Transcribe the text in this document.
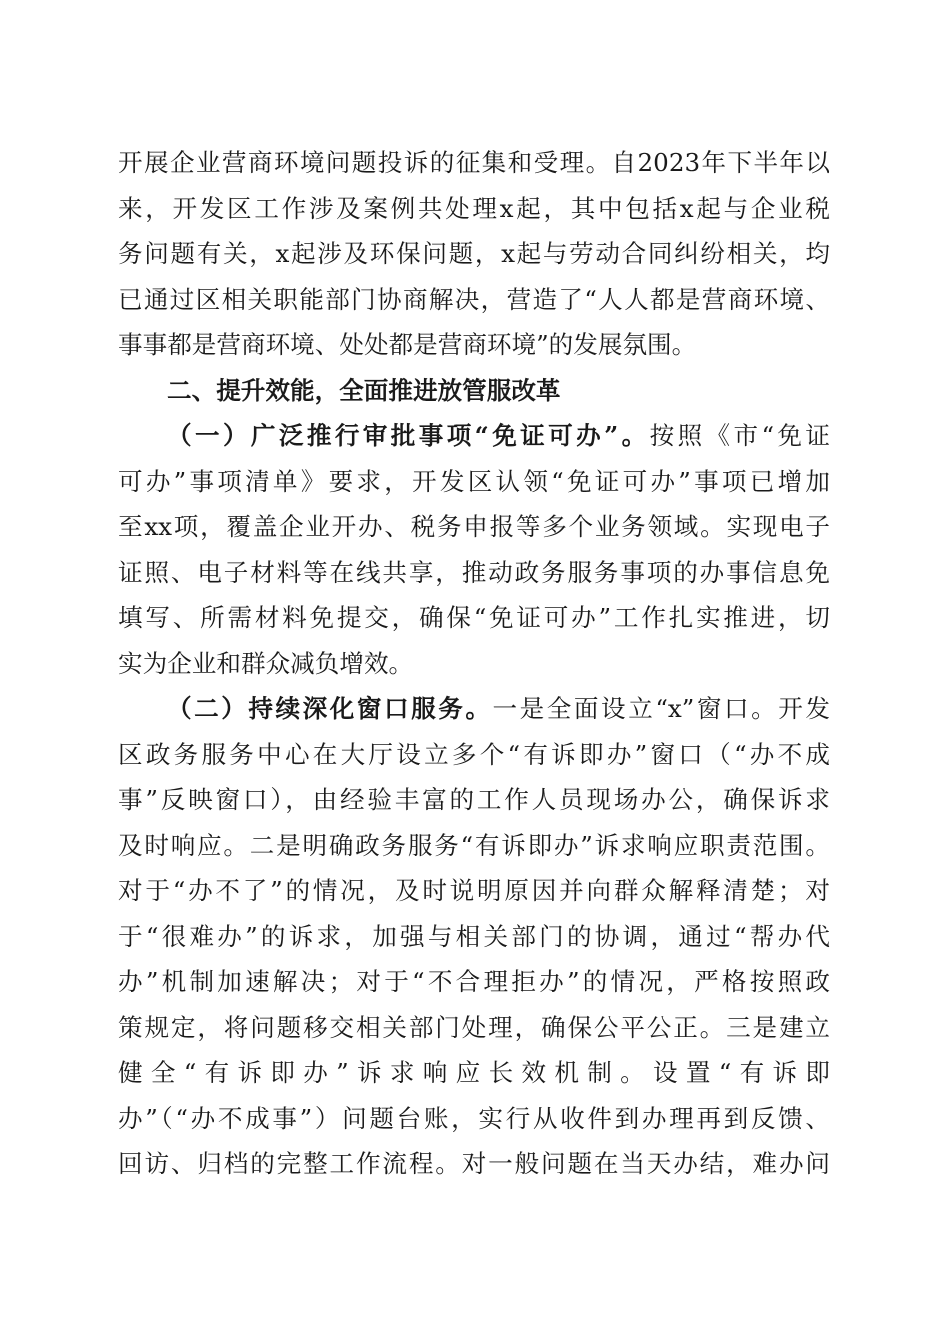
开展企业营商环境问题投诉的征集和受理。自2023年下半年以
来，开发区工作涉及案例共处理x起，其中包括x起与企业税
务问题有关，x起涉及环保问题，x起与劳动合同纠纷相关，均
已通过区相关职能部门协商解决，营造了“人人都是营商环境、
事事都是营商环境、处处都是营商环境”的发展氛围。
二、提升效能，全面推进放管服改革
（一）广泛推行审批事项“免证可办”。按照《市“免证
可办”事项清单》要求，开发区认领“免证可办”事项已增加
至xx项，覆盖企业开办、税务申报等多个业务领域。实现电子
证照、电子材料等在线共享，推动政务服务事项的办事信息免
填写、所需材料免提交，确保“免证可办”工作扎实推进，切
实为企业和群众减负增效。
（二）持续深化窗口服务。一是全面设立“x”窗口。开发
区政务服务中心在大厅设立多个“有诉即办”窗口（“办不成
事”反映窗口），由经验丰富的工作人员现场办公，确保诉求
及时响应。二是明确政务服务“有诉即办”诉求响应职责范围。
对于“办不了”的情况，及时说明原因并向群众解释清楚；对
于“很难办”的诉求，加强与相关部门的协调，通过“帮办代
办”机制加速解决；对于“不合理拒办”的情况，严格按照政
策规定，将问题移交相关部门处理，确保公平公正。三是建立
健全“有诉即办”诉求响应长效机制。设置“有诉即
办”（“办不成事”）问题台账，实行从收件到办理再到反馈、
回访、归档的完整工作流程。对一般问题在当天办结，难办问
